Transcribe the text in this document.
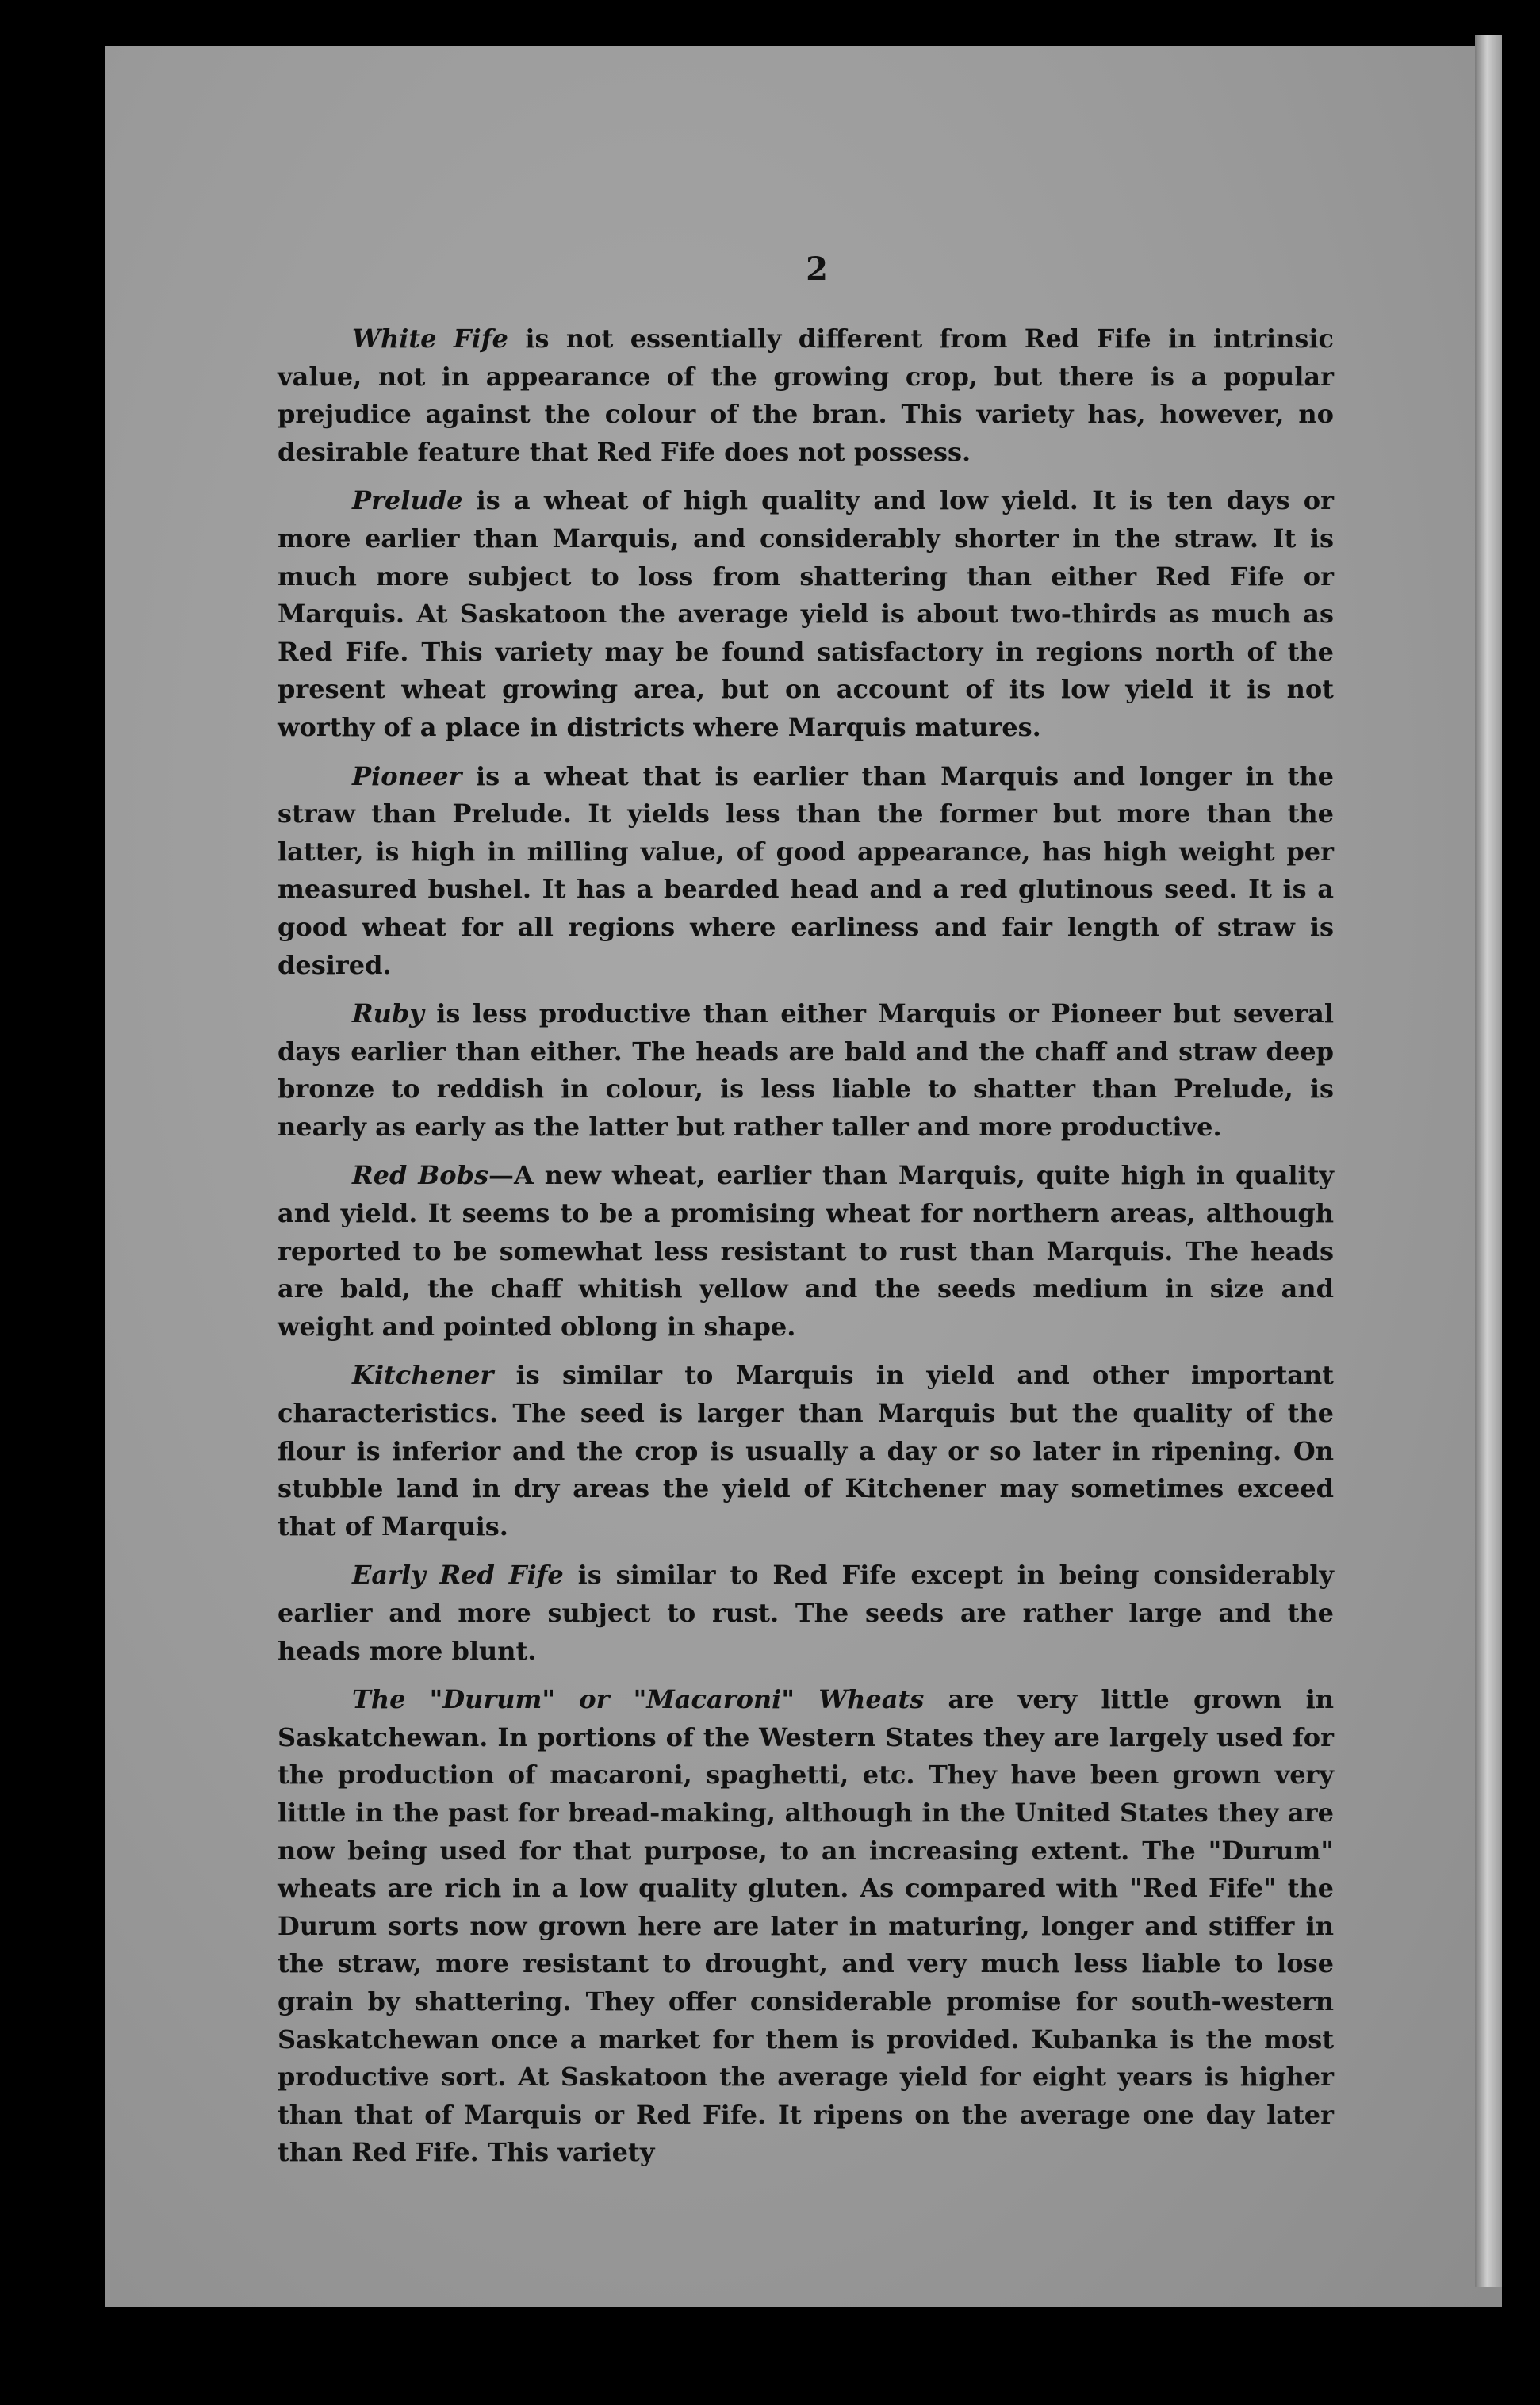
2

White Fife is not essentially different from Red Fife in intrinsic value, not in appearance of the growing crop, but there is a popular prejudice against the colour of the bran. This variety has, however, no desirable feature that Red Fife does not possess.

Prelude is a wheat of high quality and low yield. It is ten days or more earlier than Marquis, and considerably shorter in the straw. It is much more subject to loss from shattering than either Red Fife or Marquis. At Saskatoon the average yield is about two-thirds as much as Red Fife. This variety may be found satisfactory in regions north of the present wheat growing area, but on account of its low yield it is not worthy of a place in districts where Marquis matures.

Pioneer is a wheat that is earlier than Marquis and longer in the straw than Prelude. It yields less than the former but more than the latter, is high in milling value, of good appearance, has high weight per measured bushel. It has a bearded head and a red glutinous seed. It is a good wheat for all regions where earliness and fair length of straw is desired.

Ruby is less productive than either Marquis or Pioneer but several days earlier than either. The heads are bald and the chaff and straw deep bronze to reddish in colour, is less liable to shatter than Prelude, is nearly as early as the latter but rather taller and more productive.

Red Bobs—A new wheat, earlier than Marquis, quite high in quality and yield. It seems to be a promising wheat for northern areas, although reported to be somewhat less resistant to rust than Marquis. The heads are bald, the chaff whitish yellow and the seeds medium in size and weight and pointed oblong in shape.

Kitchener is similar to Marquis in yield and other important characteristics. The seed is larger than Marquis but the quality of the flour is inferior and the crop is usually a day or so later in ripening. On stubble land in dry areas the yield of Kitchener may sometimes exceed that of Marquis.

Early Red Fife is similar to Red Fife except in being considerably earlier and more subject to rust. The seeds are rather large and the heads more blunt.

The "Durum" or "Macaroni" Wheats are very little grown in Saskatchewan. In portions of the Western States they are largely used for the production of macaroni, spaghetti, etc. They have been grown very little in the past for bread-making, although in the United States they are now being used for that purpose, to an increasing extent. The "Durum" wheats are rich in a low quality gluten. As compared with "Red Fife" the Durum sorts now grown here are later in maturing, longer and stiffer in the straw, more resistant to drought, and very much less liable to lose grain by shattering. They offer considerable promise for south-western Saskatchewan once a market for them is provided. Kubanka is the most productive sort. At Saskatoon the average yield for eight years is higher than that of Marquis or Red Fife. It ripens on the average one day later than Red Fife. This variety
